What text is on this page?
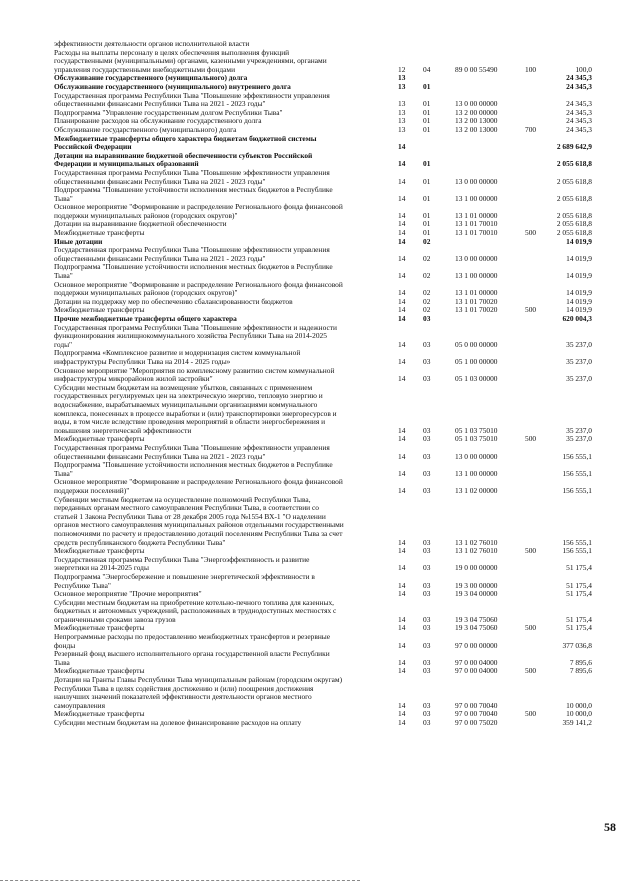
эффективности деятельности органов исполнительной власти
Расходы на выплаты персоналу в целях обеспечения выполнения функций
государственными (муниципальными) органами, казенными учреждениями, органами
управления государственными внебюджетными фондами	12 04	89 0 00 55490	100	100,0
Обслуживание государственного (муниципального) долга	13	24 345,3
Обслуживание государственного (муниципального) внутреннего долга	13 01	24 345,3
Государственная программа Республики Тыва "Повышение эффективности управления
общественными финансами Республики Тыва на 2021 - 2023 годы"	13 01	13 0 00 00000	24 345,3
Подпрограмма "Управление государственным долгом Республики Тыва"	13 01	13 2 00 00000	24 345,3
Планирование расходов на обслуживание государственного долга	13 01	13 2 00 13000	24 345,3
Обслуживание государственного (муниципального) долга	13 01	13 2 00 13000	700	24 345,3
Межбюджетные трансферты общего характера бюджетам бюджетной системы
Российской Федерации	14	2 689 642,9
Дотации на выравнивание бюджетной обеспеченности субъектов Российской
Федерации и муниципальных образований	14 01	2 055 618,8
Государственная программа Республики Тыва "Повышение эффективности управления
общественными финансами Республики Тыва на 2021 - 2023 годы"	14 01	13 0 00 00000	2 055 618,8
Подпрограмма "Повышение устойчивости исполнения местных бюджетов в Республике
Тыва"	14 01	13 1 00 00000	2 055 618,8
Основное мероприятие "Формирование и распределение Регионального фонда финансовой
поддержки муниципальных районов (городских округов)"	14 01	13 1 01 00000	2 055 618,8
Дотации на выравнивание бюджетной обеспеченности	14 01	13 1 01 70010	2 055 618,8
Межбюджетные трансферты	14 01	13 1 01 70010	500	2 055 618,8
Иные дотации	14 02	14 019,9
Государственная программа Республики Тыва "Повышение эффективности управления
общественными финансами Республики Тыва на 2021 - 2023 годы"	14 02	13 0 00 00000	14 019,9
Подпрограмма "Повышение устойчивости исполнения местных бюджетов в Республике
Тыва"	14 02	13 1 00 00000	14 019,9
Основное мероприятие "Формирование и распределение Регионального фонда финансовой
поддержки муниципальных районов (городских округов)"	14 02	13 1 01 00000	14 019,9
Дотации на поддержку мер по обеспечению сбалансированности бюджетов	14 02	13 1 01 70020	14 019,9
Межбюджетные трансферты	14 02	13 1 01 70020	500	14 019,9
Прочие межбюджетные трансферты общего характера	14 03	620 004,3
Государственная программа Республики Тыва "Повышение эффективности и надежности
функционирования жилищнокоммунального хозяйства Республики Тыва на 2014-2025
годы"	14 03	05 0 00 00000	35 237,0
Подпрограмма «Комплексное развитие и модернизация систем коммунальной
инфраструктуры Республики Тыва на 2014 - 2025 годы»	14 03	05 1 00 00000	35 237,0
Основное мероприятие "Мероприятия по комплексному развитию систем коммунальной
инфраструктуры микрорайонов жилой застройки"	14 03	05 1 03 00000	35 237,0
Субсидии местным бюджетам на возмещение убытков, связанных с применением
государственных регулируемых цен на электрическую энергию, тепловую энергию и
водоснабжение, вырабатываемых муниципальными организациями коммунального
комплекса, понесенных в процессе выработки и (или) транспортировки энергоресурсов и
воды, в том числе вследствие проведения мероприятий в области энергосбережения и
повышения энергетической эффективности	14 03	05 1 03 75010	35 237,0
Межбюджетные трансферты	14 03	05 1 03 75010	500	35 237,0
Государственная программа Республики Тыва "Повышение эффективности управления
общественными финансами Республики Тыва на 2021 - 2023 годы"	14 03	13 0 00 00000	156 555,1
Подпрограмма "Повышение устойчивости исполнения местных бюджетов в Республике
Тыва"	14 03	13 1 00 00000	156 555,1
Основное мероприятие "Формирование и распределение Регионального фонда финансовой
поддержки поселений)"	14 03	13 1 02 00000	156 555,1
Субвенции местным бюджетам на осуществление полномочий Республики Тыва,
переданных органам местного самоуправления Республики Тыва, в соответствии со
статьей 1 Закона Республики Тыва от 28 декабря 2005 года №1554 ВХ-1 "О наделении
органов местного самоуправления муниципальных районов отдельными государственными
полномочиями по расчету и предоставлению дотаций поселениям Республики Тыва за счет
средств республиканского бюджета Республики Тыва"	14 03	13 1 02 76010	156 555,1
Межбюджетные трансферты	14 03	13 1 02 76010	500	156 555,1
Государственная программа Республики Тыва "Энергоэффективность и развитие
энергетики на 2014-2025 годы	14 03	19 0 00 00000	51 175,4
Подпрограмма "Энергосбережение и повышение энергетической эффективности в
Республике Тыва"	14 03	19 3 00 00000	51 175,4
Основное мероприятие "Прочие мероприятия"	14 03	19 3 04 00000	51 175,4
Субсидии местным бюджетам на приобретение котельно-печного топлива для казенных,
бюджетных и автономных учреждений, расположенных в труднодоступных местностях с
ограниченными сроками завоза грузов	14 03	19 3 04 75060	51 175,4
Межбюджетные трансферты	14 03	19 3 04 75060	500	51 175,4
Непрограммные расходы по предоставлению межбюджетных трансфертов и резервные
фонды	14 03	97 0 00 00000	377 036,8
Резервный фонд высшего исполнительного органа государственной власти Республики
Тыва	14 03	97 0 00 04000	7 895,6
Межбюджетные трансферты	14 03	97 0 00 04000	500	7 895,6
Дотации на Гранты Главы Республики Тыва муниципальным районам (городским округам)
Республики Тыва в целях содействия достижению и (или) поощрения достижения
наилучших значений показателей эффективности деятельности органов местного
самоуправления	14 03	97 0 00 70040	10 000,0
Межбюджетные трансферты	14 03	97 0 00 70040	500	10 000,0
Субсидии местным бюджетам на долевое финансирование расходов на оплату	14 03	97 0 00 75020	359 141,2
58
